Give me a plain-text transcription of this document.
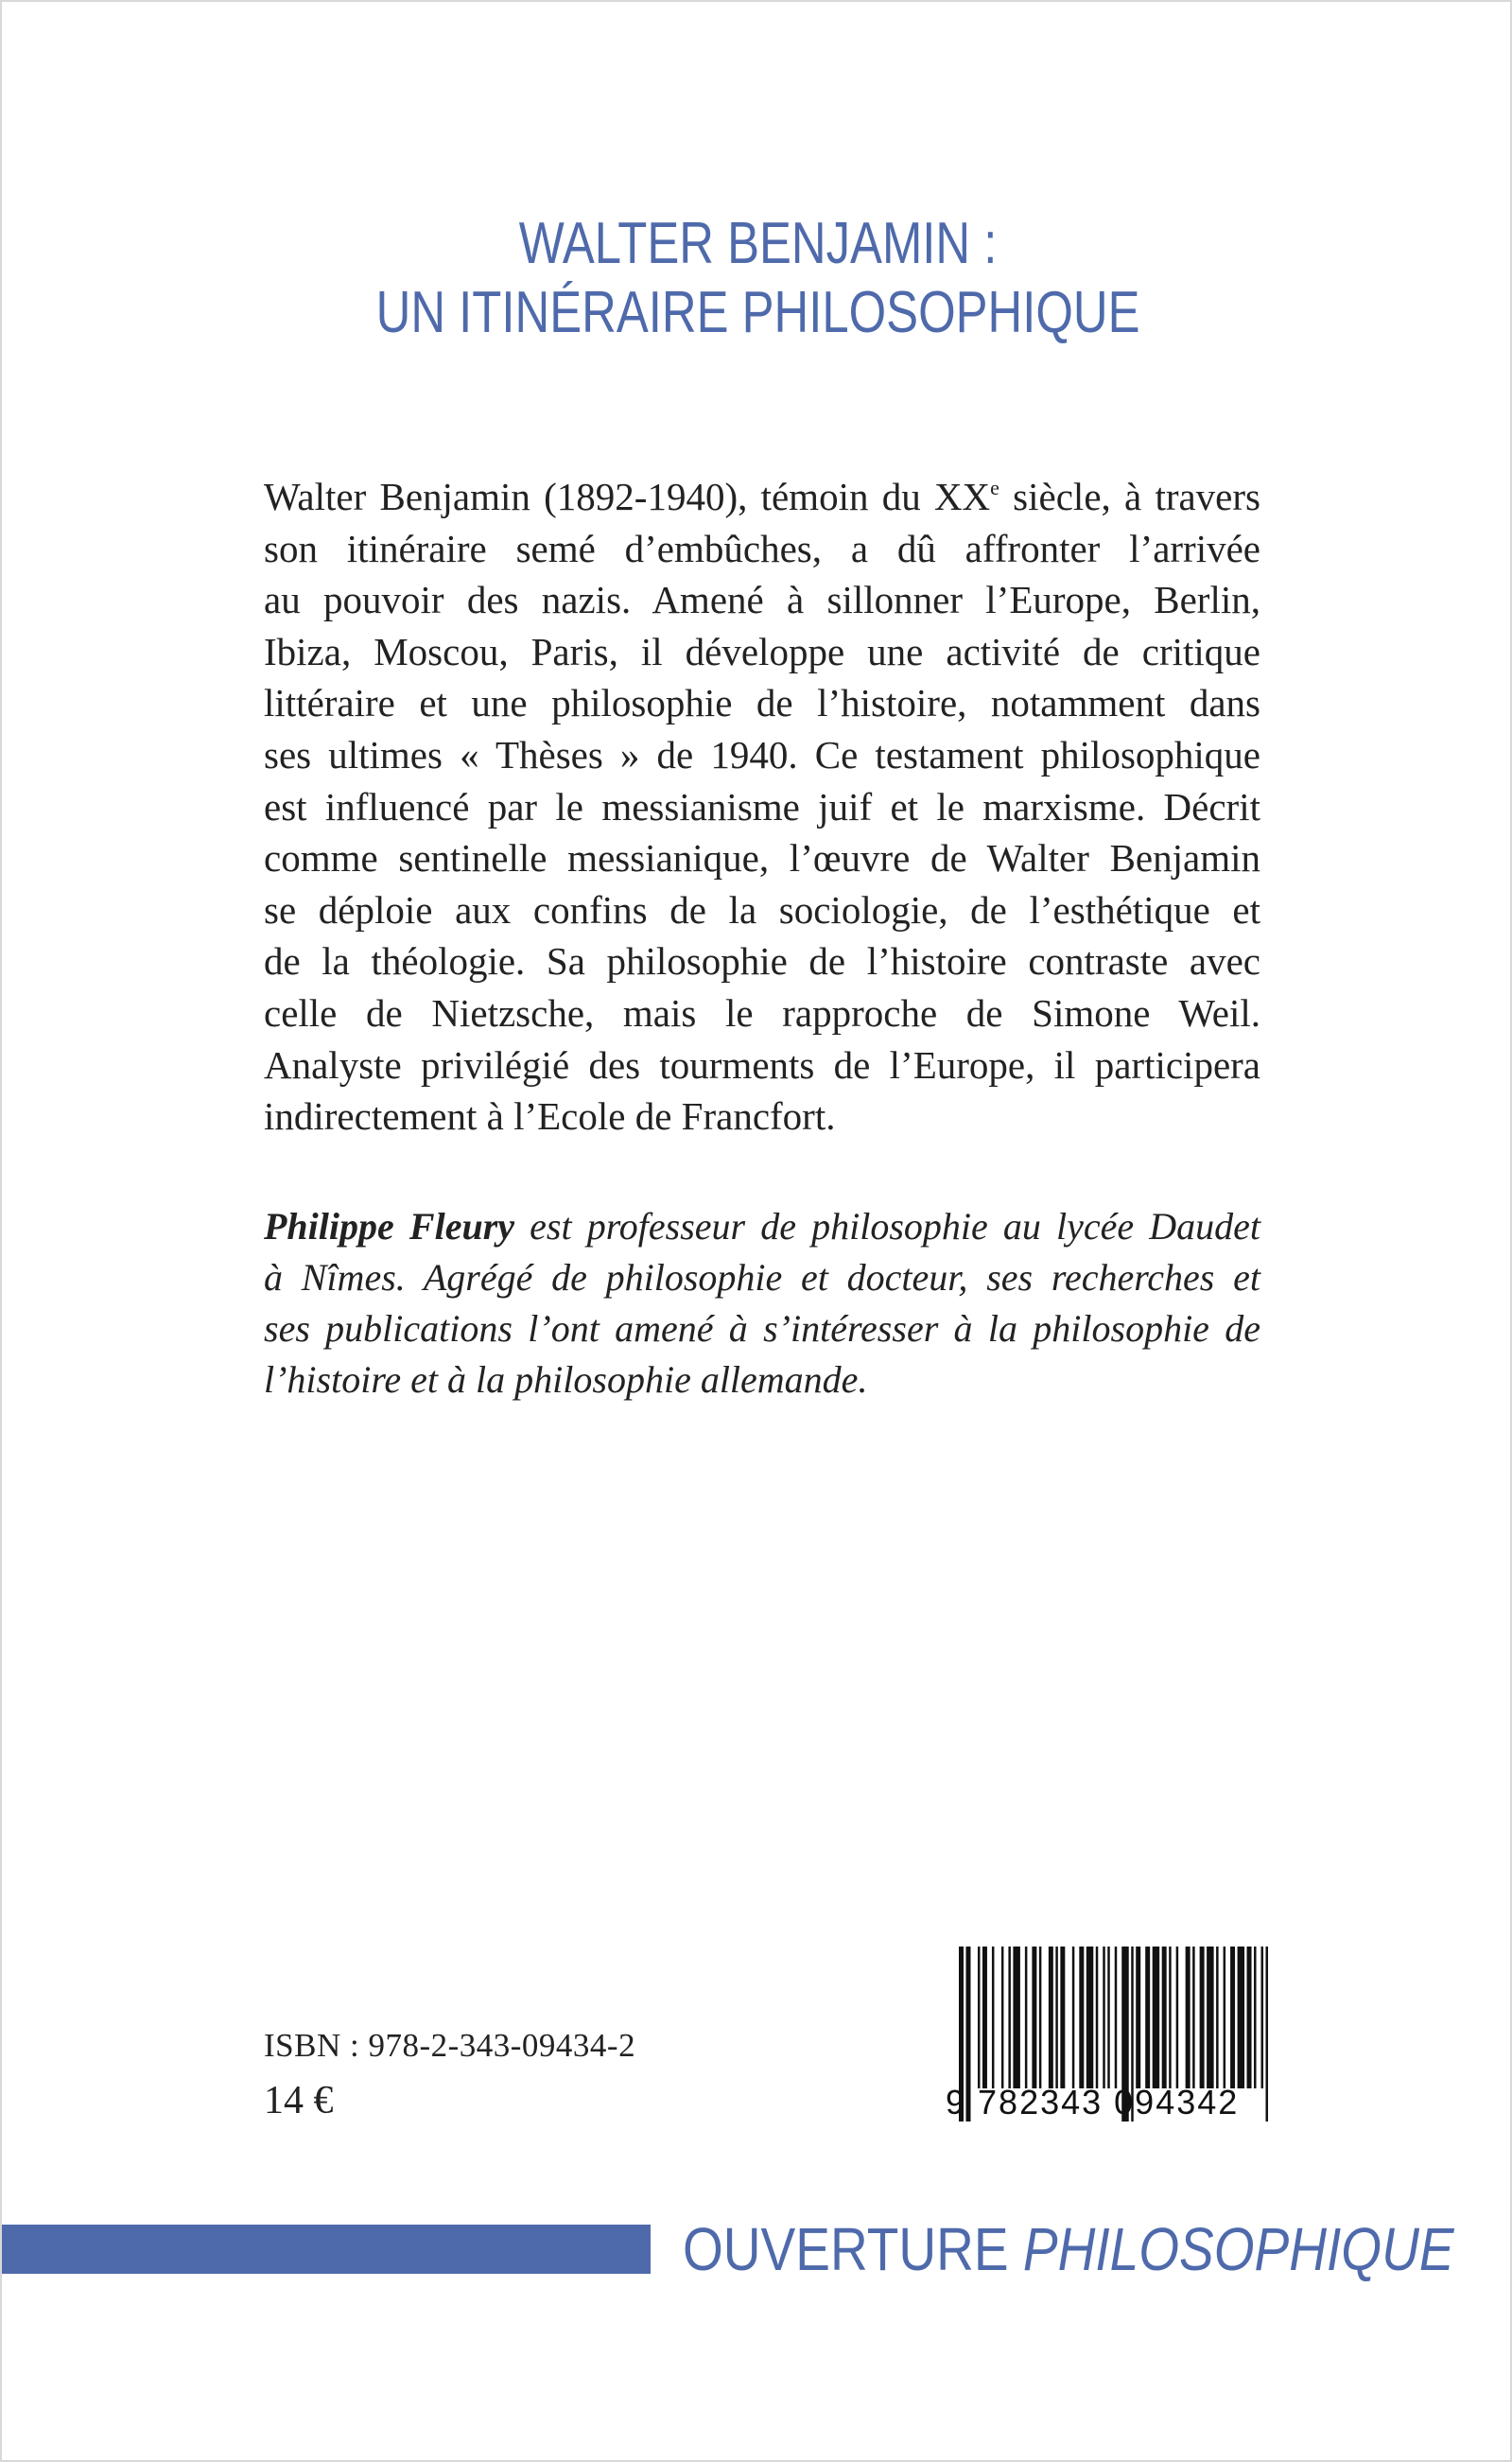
WALTER BENJAMIN :
UN ITINÉRAIRE PHILOSOPHIQUE
Walter Benjamin (1892-1940), témoin du XXe siècle, à travers
son itinéraire semé d’embûches, a dû affronter l’arrivée
au pouvoir des nazis. Amené à sillonner l’Europe, Berlin,
Ibiza, Moscou, Paris, il développe une activité de critique
littéraire et une philosophie de l’histoire, notamment dans
ses ultimes « Thèses » de 1940. Ce testament philosophique
est influencé par le messianisme juif et le marxisme. Décrit
comme sentinelle messianique, l’œuvre de Walter Benjamin
se déploie aux confins de la sociologie, de l’esthétique et
de la théologie. Sa philosophie de l’histoire contraste avec
celle de Nietzsche, mais le rapproche de Simone Weil.
Analyste privilégié des tourments de l’Europe, il participera
indirectement à l’Ecole de Francfort.
Philippe Fleury est professeur de philosophie au lycée Daudet
à Nîmes. Agrégé de philosophie et docteur, ses recherches et
ses publications l’ont amené à s’intéresser à la philosophie de
l’histoire et à la philosophie allemande.
ISBN : 978-2-343-09434-2
14 €	9 782343 094342
OUVERTURE PHILOSOPHIQUE
